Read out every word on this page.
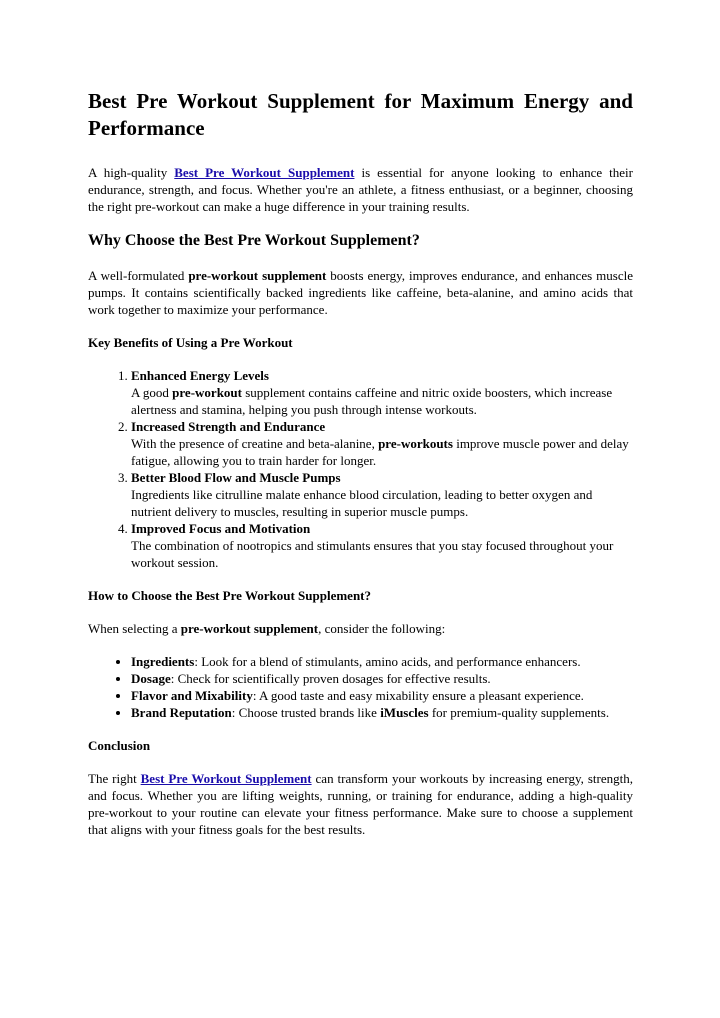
Best Pre Workout Supplement for Maximum Energy and Performance

A high-quality Best Pre Workout Supplement is essential for anyone looking to enhance their endurance, strength, and focus. Whether you're an athlete, a fitness enthusiast, or a beginner, choosing the right pre-workout can make a huge difference in your training results.

Why Choose the Best Pre Workout Supplement?

A well-formulated pre-workout supplement boosts energy, improves endurance, and enhances muscle pumps. It contains scientifically backed ingredients like caffeine, beta-alanine, and amino acids that work together to maximize your performance.

Key Benefits of Using a Pre Workout
1. Enhanced Energy Levels
A good pre-workout supplement contains caffeine and nitric oxide boosters, which increase alertness and stamina, helping you push through intense workouts.
2. Increased Strength and Endurance
With the presence of creatine and beta-alanine, pre-workouts improve muscle power and delay fatigue, allowing you to train harder for longer.
3. Better Blood Flow and Muscle Pumps
Ingredients like citrulline malate enhance blood circulation, leading to better oxygen and nutrient delivery to muscles, resulting in superior muscle pumps.
4. Improved Focus and Motivation
The combination of nootropics and stimulants ensures that you stay focused throughout your workout session.
How to Choose the Best Pre Workout Supplement?

When selecting a pre-workout supplement, consider the following:

• Ingredients: Look for a blend of stimulants, amino acids, and performance enhancers.
• Dosage: Check for scientifically proven dosages for effective results.
• Flavor and Mixability: A good taste and easy mixability ensure a pleasant experience.
• Brand Reputation: Choose trusted brands like iMuscles for premium-quality supplements.
Conclusion

The right Best Pre Workout Supplement can transform your workouts by increasing energy, strength, and focus. Whether you are lifting weights, running, or training for endurance, adding a high-quality pre-workout to your routine can elevate your fitness performance. Make sure to choose a supplement that aligns with your fitness goals for the best results.
